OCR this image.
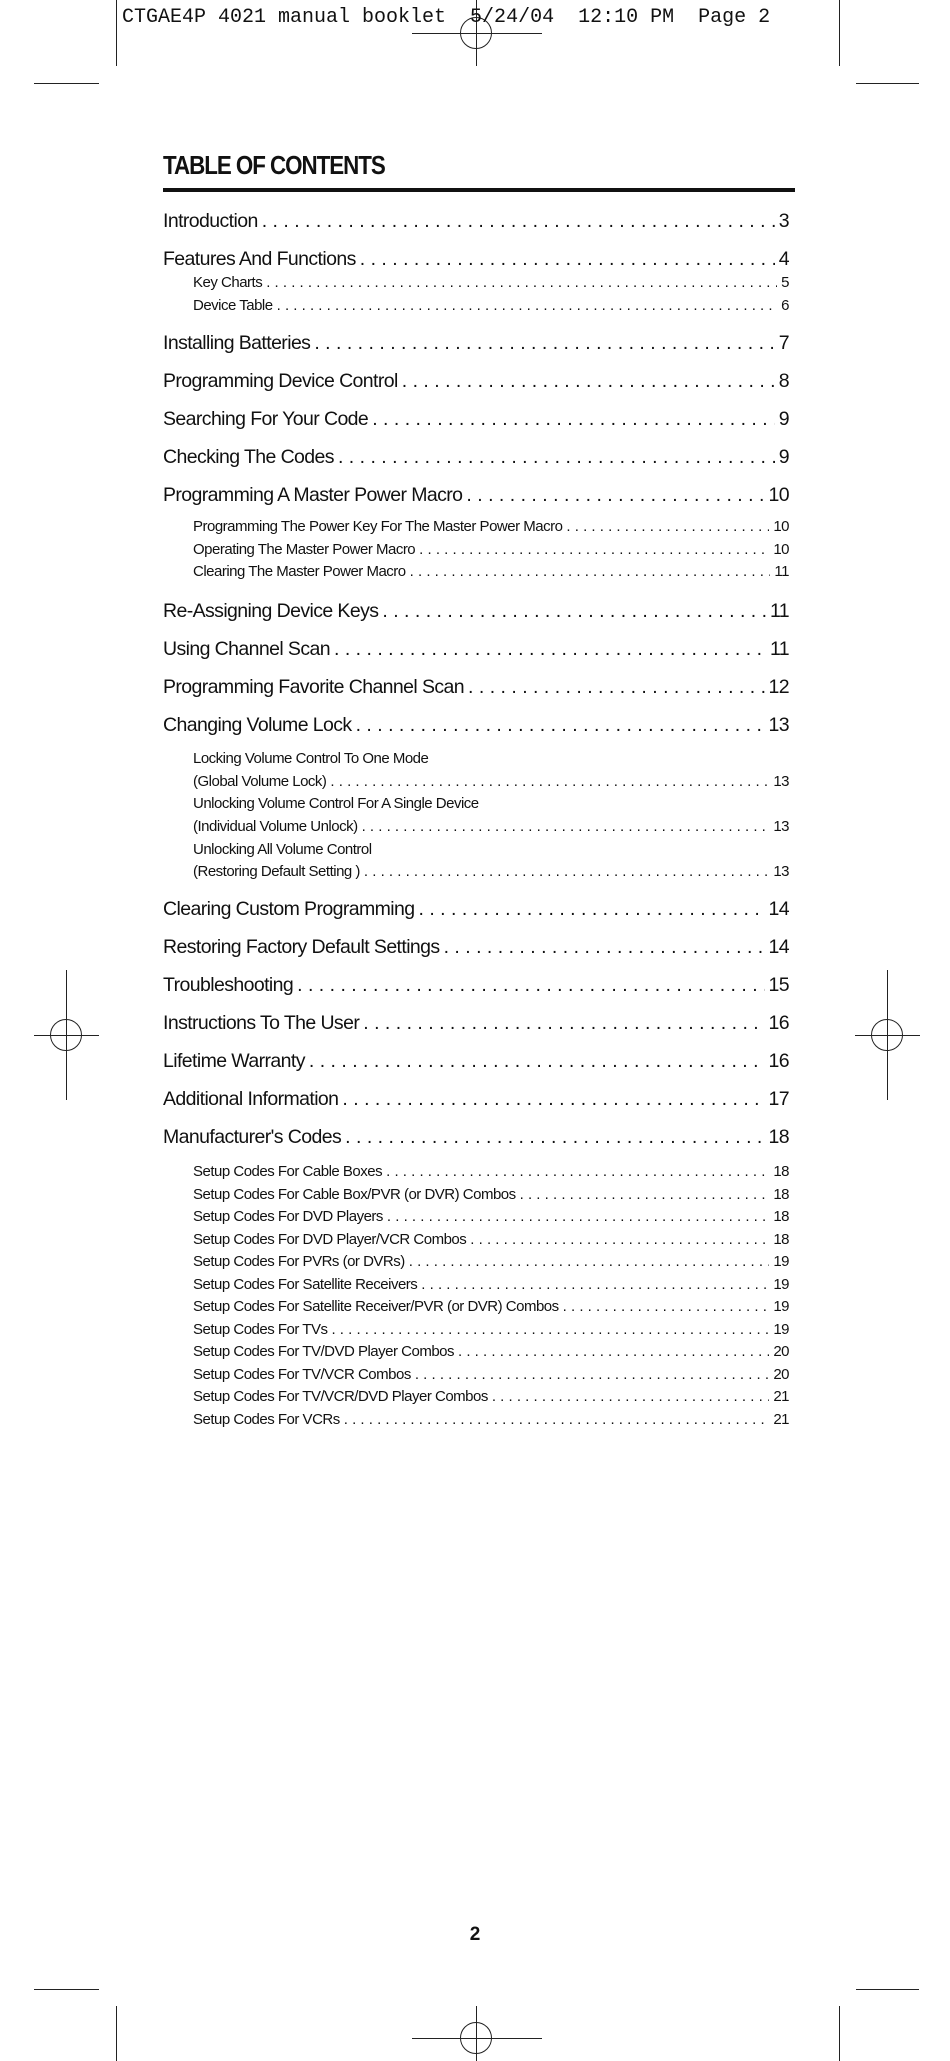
CTGAE4P 4021 manual booklet  5/24/04  12:10 PM  Page 2
TABLE OF CONTENTS
Introduction . . .	3
Features And Functions . . .	4
Key Charts . . .	5
Device Table . . .	6
Installing Batteries . . .	7
Programming Device Control . . .	8
Searching For Your Code . . .	9
Checking The Codes . . .	9
Programming A Master Power Macro . . .	10
Programming The Power Key For The Master Power Macro . . .	10
Operating The Master Power Macro . . .	10
Clearing The Master Power Macro . . .	11
Re-Assigning Device Keys . . .	11
Using Channel Scan . . .	11
Programming Favorite Channel Scan . . .	12
Changing Volume Lock . . .	13
Locking Volume Control To One Mode
(Global Volume Lock) . . .	13
Unlocking Volume Control For A Single Device
(Individual Volume Unlock) . . .	13
Unlocking All Volume Control
(Restoring Default Setting ) . . .	13
Clearing Custom Programming . . .	14
Restoring Factory Default Settings . . .	14
Troubleshooting . . .	15
Instructions To The User . . .	16
Lifetime Warranty . . .	16
Additional Information . . .	17
Manufacturer's Codes . . .	18
Setup Codes For Cable Boxes . . .	18
Setup Codes For Cable Box/PVR (or DVR) Combos . . .	18
Setup Codes For DVD Players . . .	18
Setup Codes For DVD Player/VCR Combos . . .	18
Setup Codes For PVRs (or DVRs) . . .	19
Setup Codes For Satellite Receivers . . .	19
Setup Codes For Satellite Receiver/PVR (or DVR) Combos . . .	19
Setup Codes For TVs . . .	19
Setup Codes For TV/DVD Player Combos . . .	20
Setup Codes For TV/VCR Combos . . .	20
Setup Codes For TV/VCR/DVD Player Combos . . .	21
Setup Codes For VCRs . . .	21
2
